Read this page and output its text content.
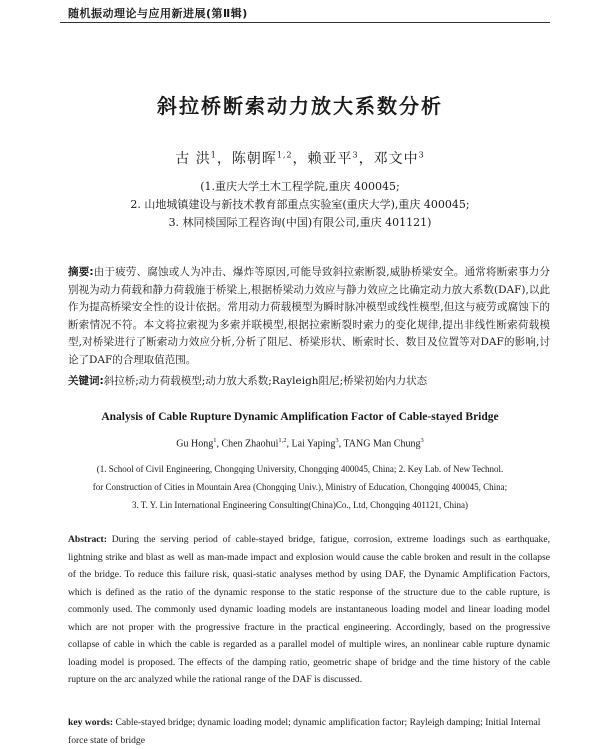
随机振动理论与应用新进展(第Ⅱ辑)
斜拉桥断索动力放大系数分析
古 洪$^1$，陈朝晖$^{1,2}$，赖亚平$^3$，邓文中$^3$
(1.重庆大学土木工程学院,重庆 400045;
2. 山地城镇建设与新技术教育部重点实验室(重庆大学),重庆 400045;
3. 林同棪国际工程咨询(中国)有限公司,重庆 401121)
摘要:由于疲劳、腐蚀或人为冲击、爆炸等原因,可能导致斜拉索断裂,威胁桥梁安全。通常将断索事力分别视为动力荷载和静力荷载施于桥梁上,根据桥梁动力效应与静力效应之比确定动力放大系数(DAF),以此作为提高桥梁安全性的设计依据。常用动力荷载模型为瞬时脉冲模型或线性模型,但这与疲劳或腐蚀下的断索情况不符。本文将拉索视为多索并联模型,根据拉索断裂时索力的变化规律,提出非线性断索荷载模型,对桥梁进行了断索动力效应分析,分析了阻尼、桥梁形状、断索时长、数目及位置等对DAF的影响,讨论了DAF的合理取值范围。
关键词:斜拉桥;动力荷载模型;动力放大系数;Rayleigh阻尼;桥梁初始内力状态
Analysis of Cable Rupture Dynamic Amplification Factor of Cable-stayed Bridge
Gu Hong$^1$, Chen Zhaohui$^{1,2}$, Lai Yaping$^3$, TANG Man Chung$^3$
(1. School of Civil Engineering, Chongqing University, Chongqing 400045, China; 2. Key Lab. of New Technol.
for Construction of Cities in Mountain Area (Chongqing Univ.), Ministry of Education, Chongqing 400045, China;
3. T. Y. Lin International Engineering Consulting(China)Co., Ltd, Chongqing 401121, China)
Abstract: During the serving period of cable-stayed bridge, fatigue, corrosion, extreme loadings such as earthquake, lightning strike and blast as well as man-made impact and explosion would cause the cable broken and result in the collapse of the bridge. To reduce this failure risk, quasi-static analyses method by using DAF, the Dynamic Amplification Factors, which is defined as the ratio of the dynamic response to the static response of the structure due to the cable rupture, is commonly used. The commonly used dynamic loading models are instantaneous loading model and linear loading model which are not proper with the progressive fracture in the practical engineering. Accordingly, based on the progressive collapse of cable in which the cable is regarded as a parallel model of multiple wires, an nonlinear cable rupture dynamic loading model is proposed. The effects of the damping ratio, geometric shape of bridge and the time history of the cable rupture on the arc analyzed while the rational range of the DAF is discussed.
key words: Cable-stayed bridge; dynamic loading model; dynamic amplification factor; Rayleigh damping; Initial Internal force state of bridge
